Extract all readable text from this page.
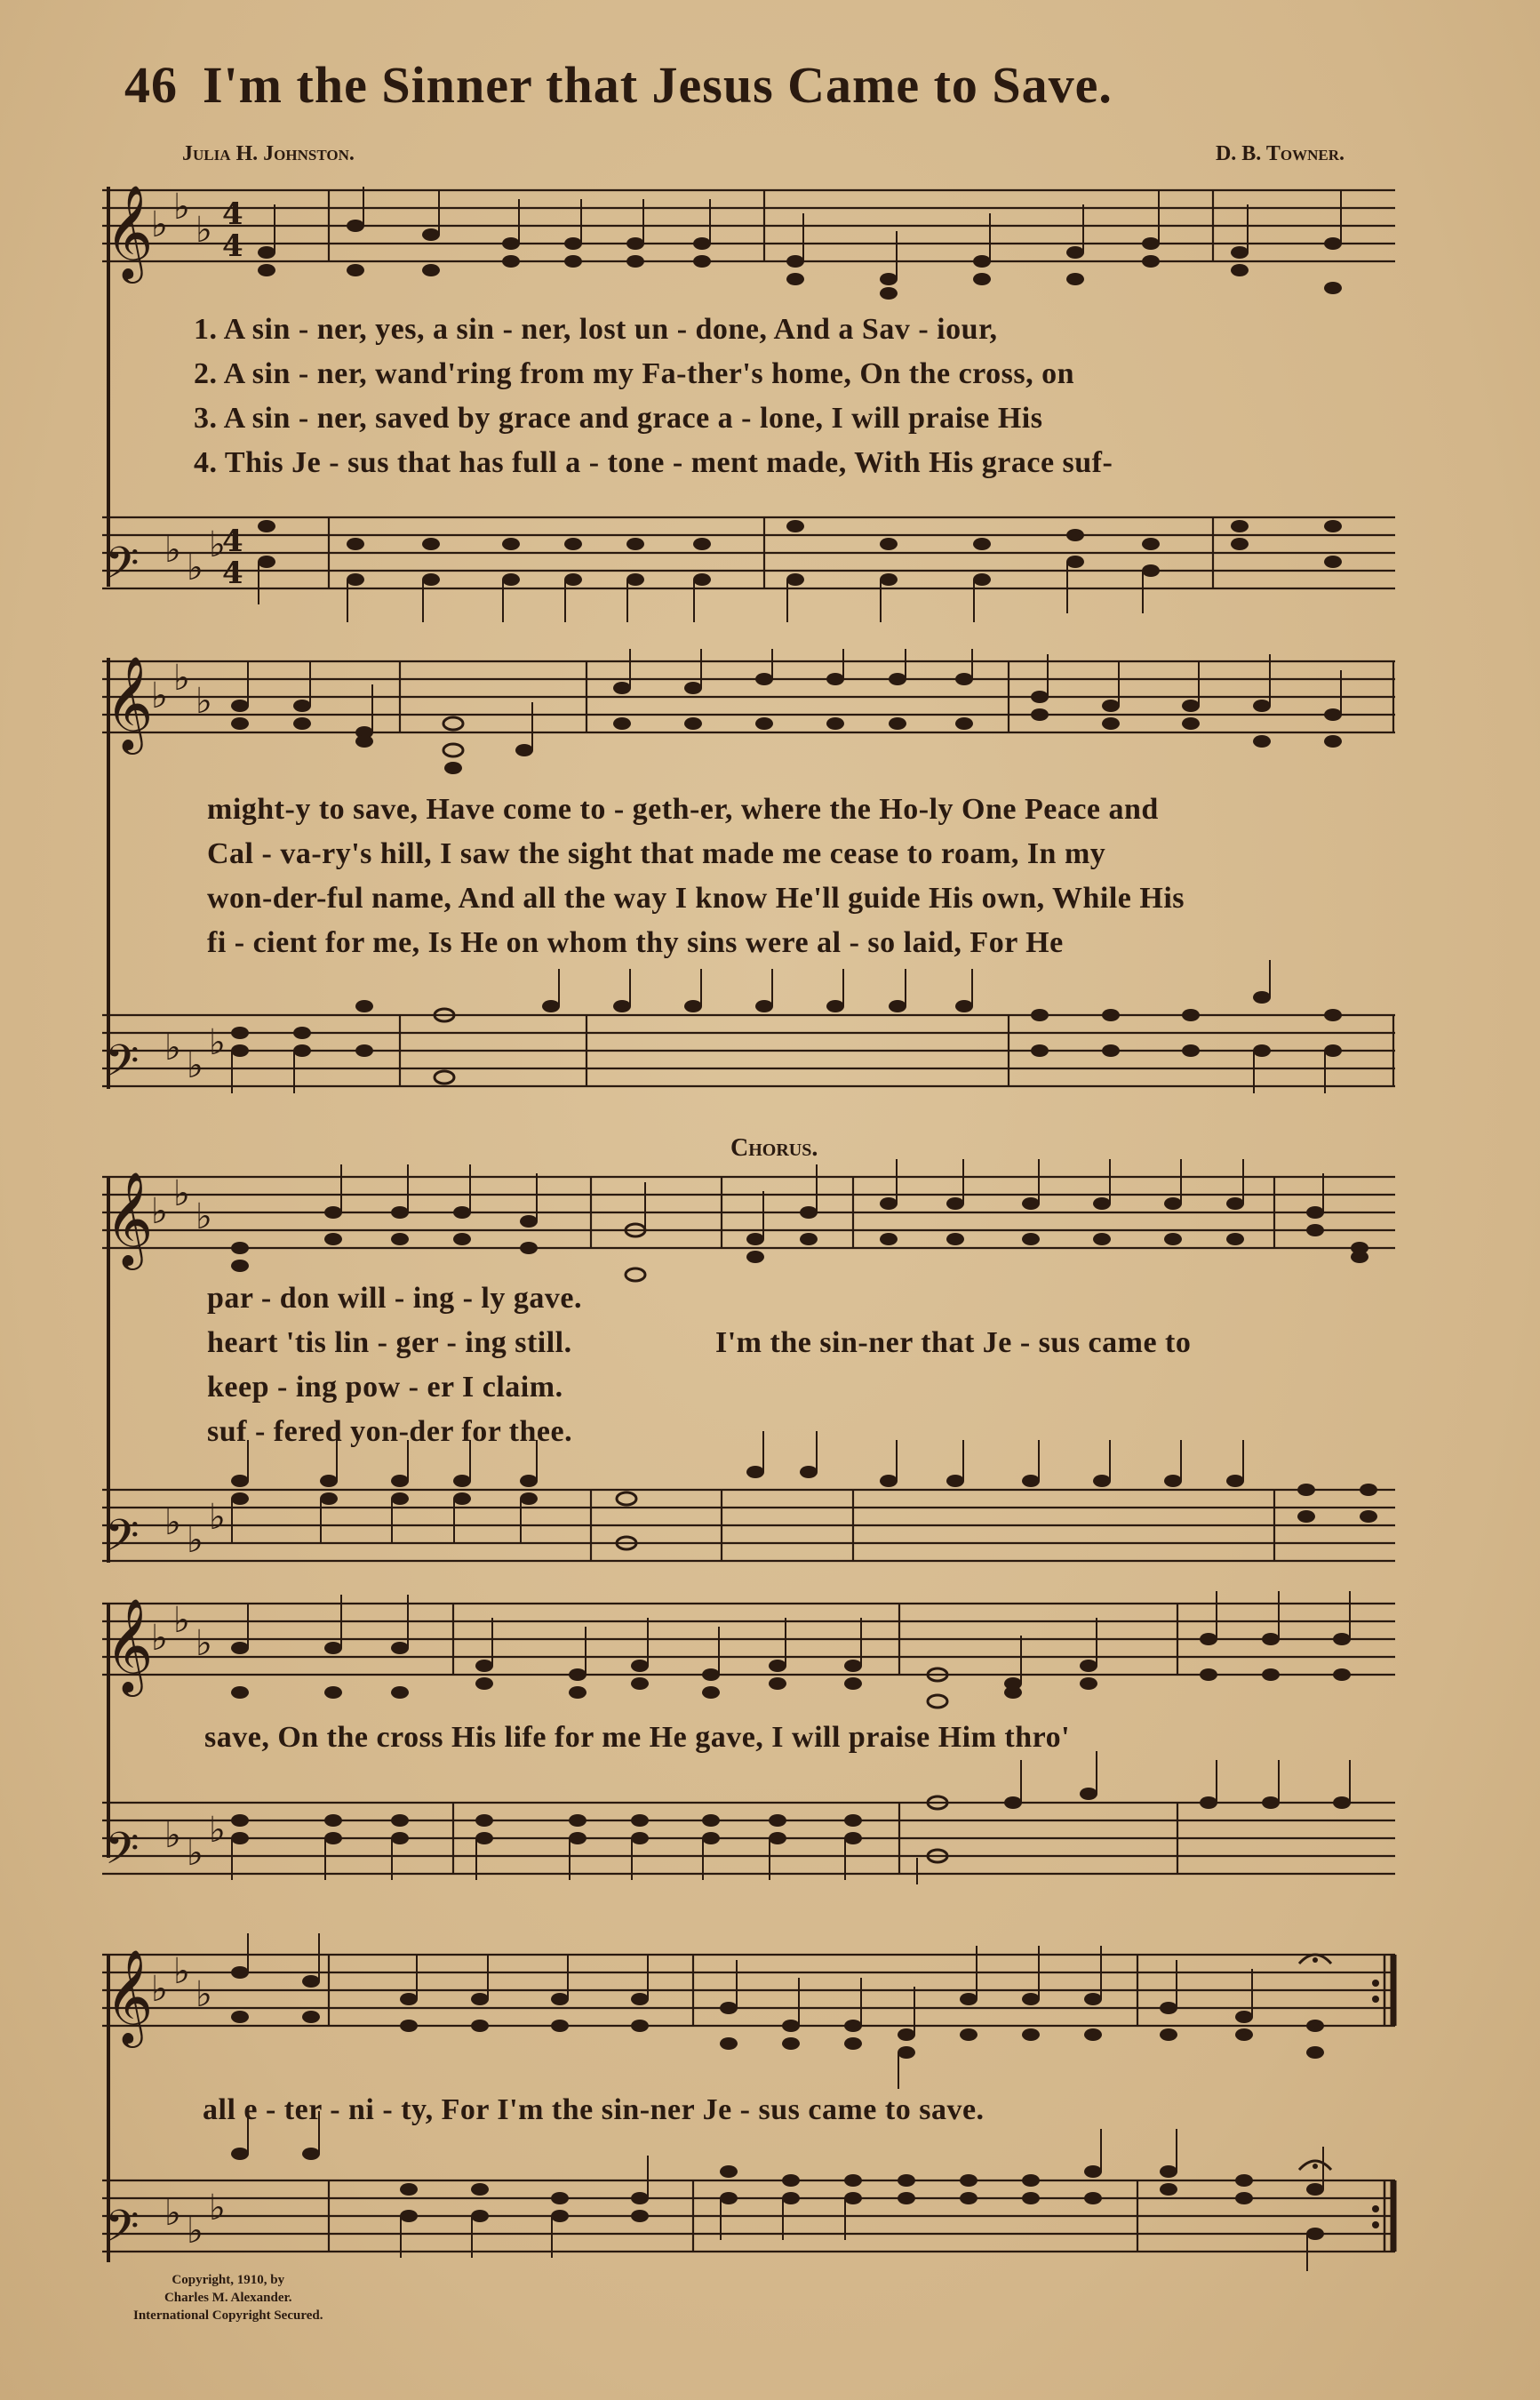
46 I'm the Sinner that Jesus Came to Save.
Julia H. Johnston.	D. B. Towner.
𝄞
♭ ♭
♭ 4
4
𝄢 ♭ ♭
♭
4
4
1. A sin - ner, yes, a sin - ner, lost un - done, And a Sav - iour,
2. A sin - ner, wand'ring from my Fa-ther's home, On the cross, on
3. A sin - ner, saved by grace and grace a - lone, I will praise His
4. This Je - sus that has full a - tone - ment made, With His grace suf-
𝄞
♭ ♭
♭
𝄢 ♭ ♭
♭
might-y to save, Have come to - geth-er, where the Ho-ly One Peace and
Cal - va-ry's hill, I saw the sight that made me cease to roam, In my
won-der-ful name, And all the way I know He'll guide His own, While His
fi - cient for me, Is He on whom thy sins were al - so laid, For He
Chorus.
𝄞
♭ ♭
♭
𝄢 ♭ ♭
♭
par - don will - ing - ly gave.
heart 'tis lin - ger - ing still.
keep - ing pow - er I claim.
suf - fered yon-der for thee.
I'm the sin-ner that Je - sus came to
𝄞
♭ ♭
♭
𝄢 ♭ ♭
♭
save, On the cross His life for me He gave, I will praise Him thro'
𝄞
♭ ♭
♭
𝄢 ♭ ♭
♭
all e - ter - ni - ty, For I'm the sin-ner Je - sus came to save.
Copyright, 1910, by
Charles M. Alexander.
International Copyright Secured.
